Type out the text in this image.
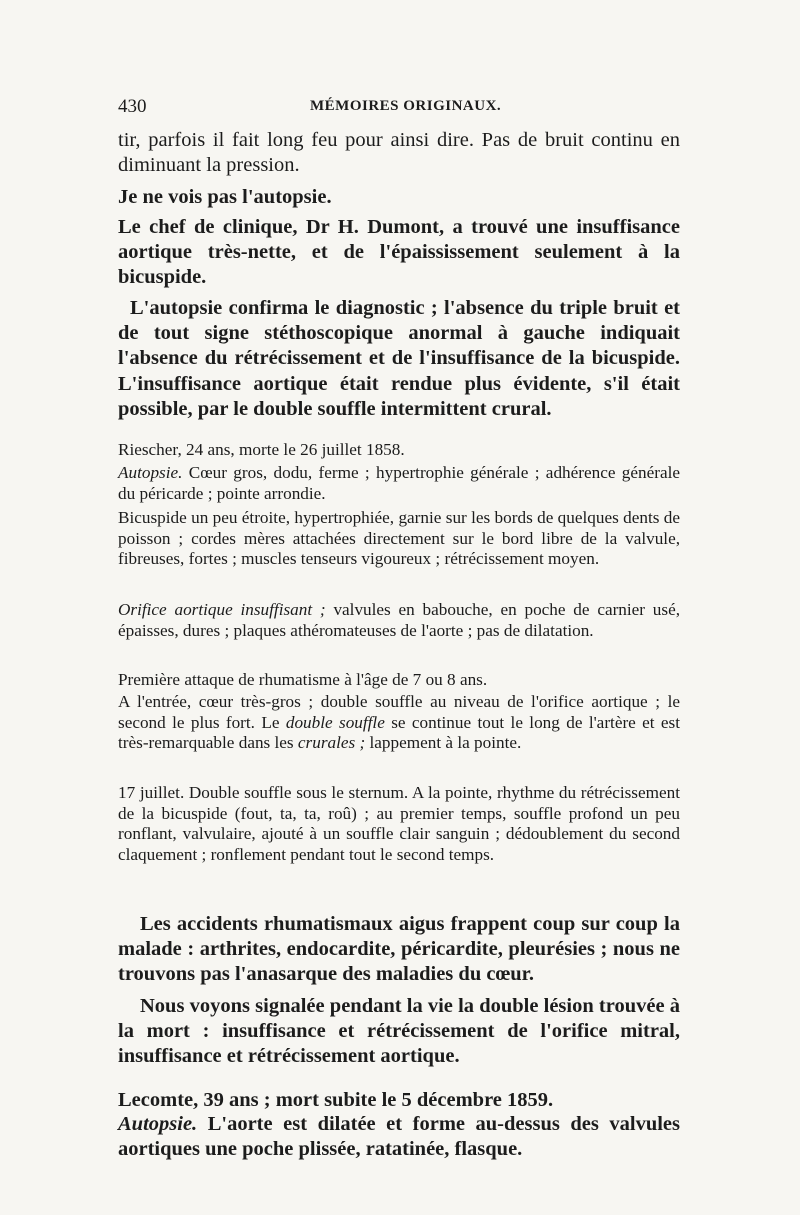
430	MÉMOIRES ORIGINAUX.

tir, parfois il fait long feu pour ainsi dire. Pas de bruit continu en diminuant la pression.

Je ne vois pas l'autopsie.

Le chef de clinique, Dr H. Dumont, a trouvé une insuffisance aortique très-nette, et de l'épaississement seulement à la bicuspide.

L'autopsie confirma le diagnostic ; l'absence du triple bruit et de tout signe stéthoscopique anormal à gauche indiquait l'absence du rétrécissement et de l'insuffisance de la bicuspide. L'insuffisance aortique était rendue plus évidente, s'il était possible, par le double souffle intermittent crural.

Riescher, 24 ans, morte le 26 juillet 1858.

Autopsie. Cœur gros, dodu, ferme ; hypertrophie générale ; adhérence générale du péricarde ; pointe arrondie.

Bicuspide un peu étroite, hypertrophiée, garnie sur les bords de quelques dents de poisson ; cordes mères attachées directement sur le bord libre de la valvule, fibreuses, fortes ; muscles tenseurs vigoureux ; rétrécissement moyen.

Orifice aortique insuffisant ; valvules en babouche, en poche de carnier usé, épaisses, dures ; plaques athéromateuses de l'aorte ; pas de dilatation.

Première attaque de rhumatisme à l'âge de 7 ou 8 ans.

A l'entrée, cœur très-gros ; double souffle au niveau de l'orifice aortique ; le second le plus fort. Le double souffle se continue tout le long de l'artère et est très-remarquable dans les crurales ; lappement à la pointe.

17 juillet. Double souffle sous le sternum. A la pointe, rhythme du rétrécissement de la bicuspide (fout, ta, ta, roû) ; au premier temps, souffle profond un peu ronflant, valvulaire, ajouté à un souffle clair sanguin ; dédoublement du second claquement ; ronflement pendant tout le second temps.

Les accidents rhumatismaux aigus frappent coup sur coup la malade : arthrites, endocardite, péricardite, pleurésies ; nous ne trouvons pas l'anasarque des maladies du cœur.

Nous voyons signalée pendant la vie la double lésion trouvée à la mort : insuffisance et rétrécissement de l'orifice mitral, insuffisance et rétrécissement aortique.

Lecomte, 39 ans ; mort subite le 5 décembre 1859.

Autopsie. L'aorte est dilatée et forme au-dessus des valvules aortiques une poche plissée, ratatinée, flasque.
